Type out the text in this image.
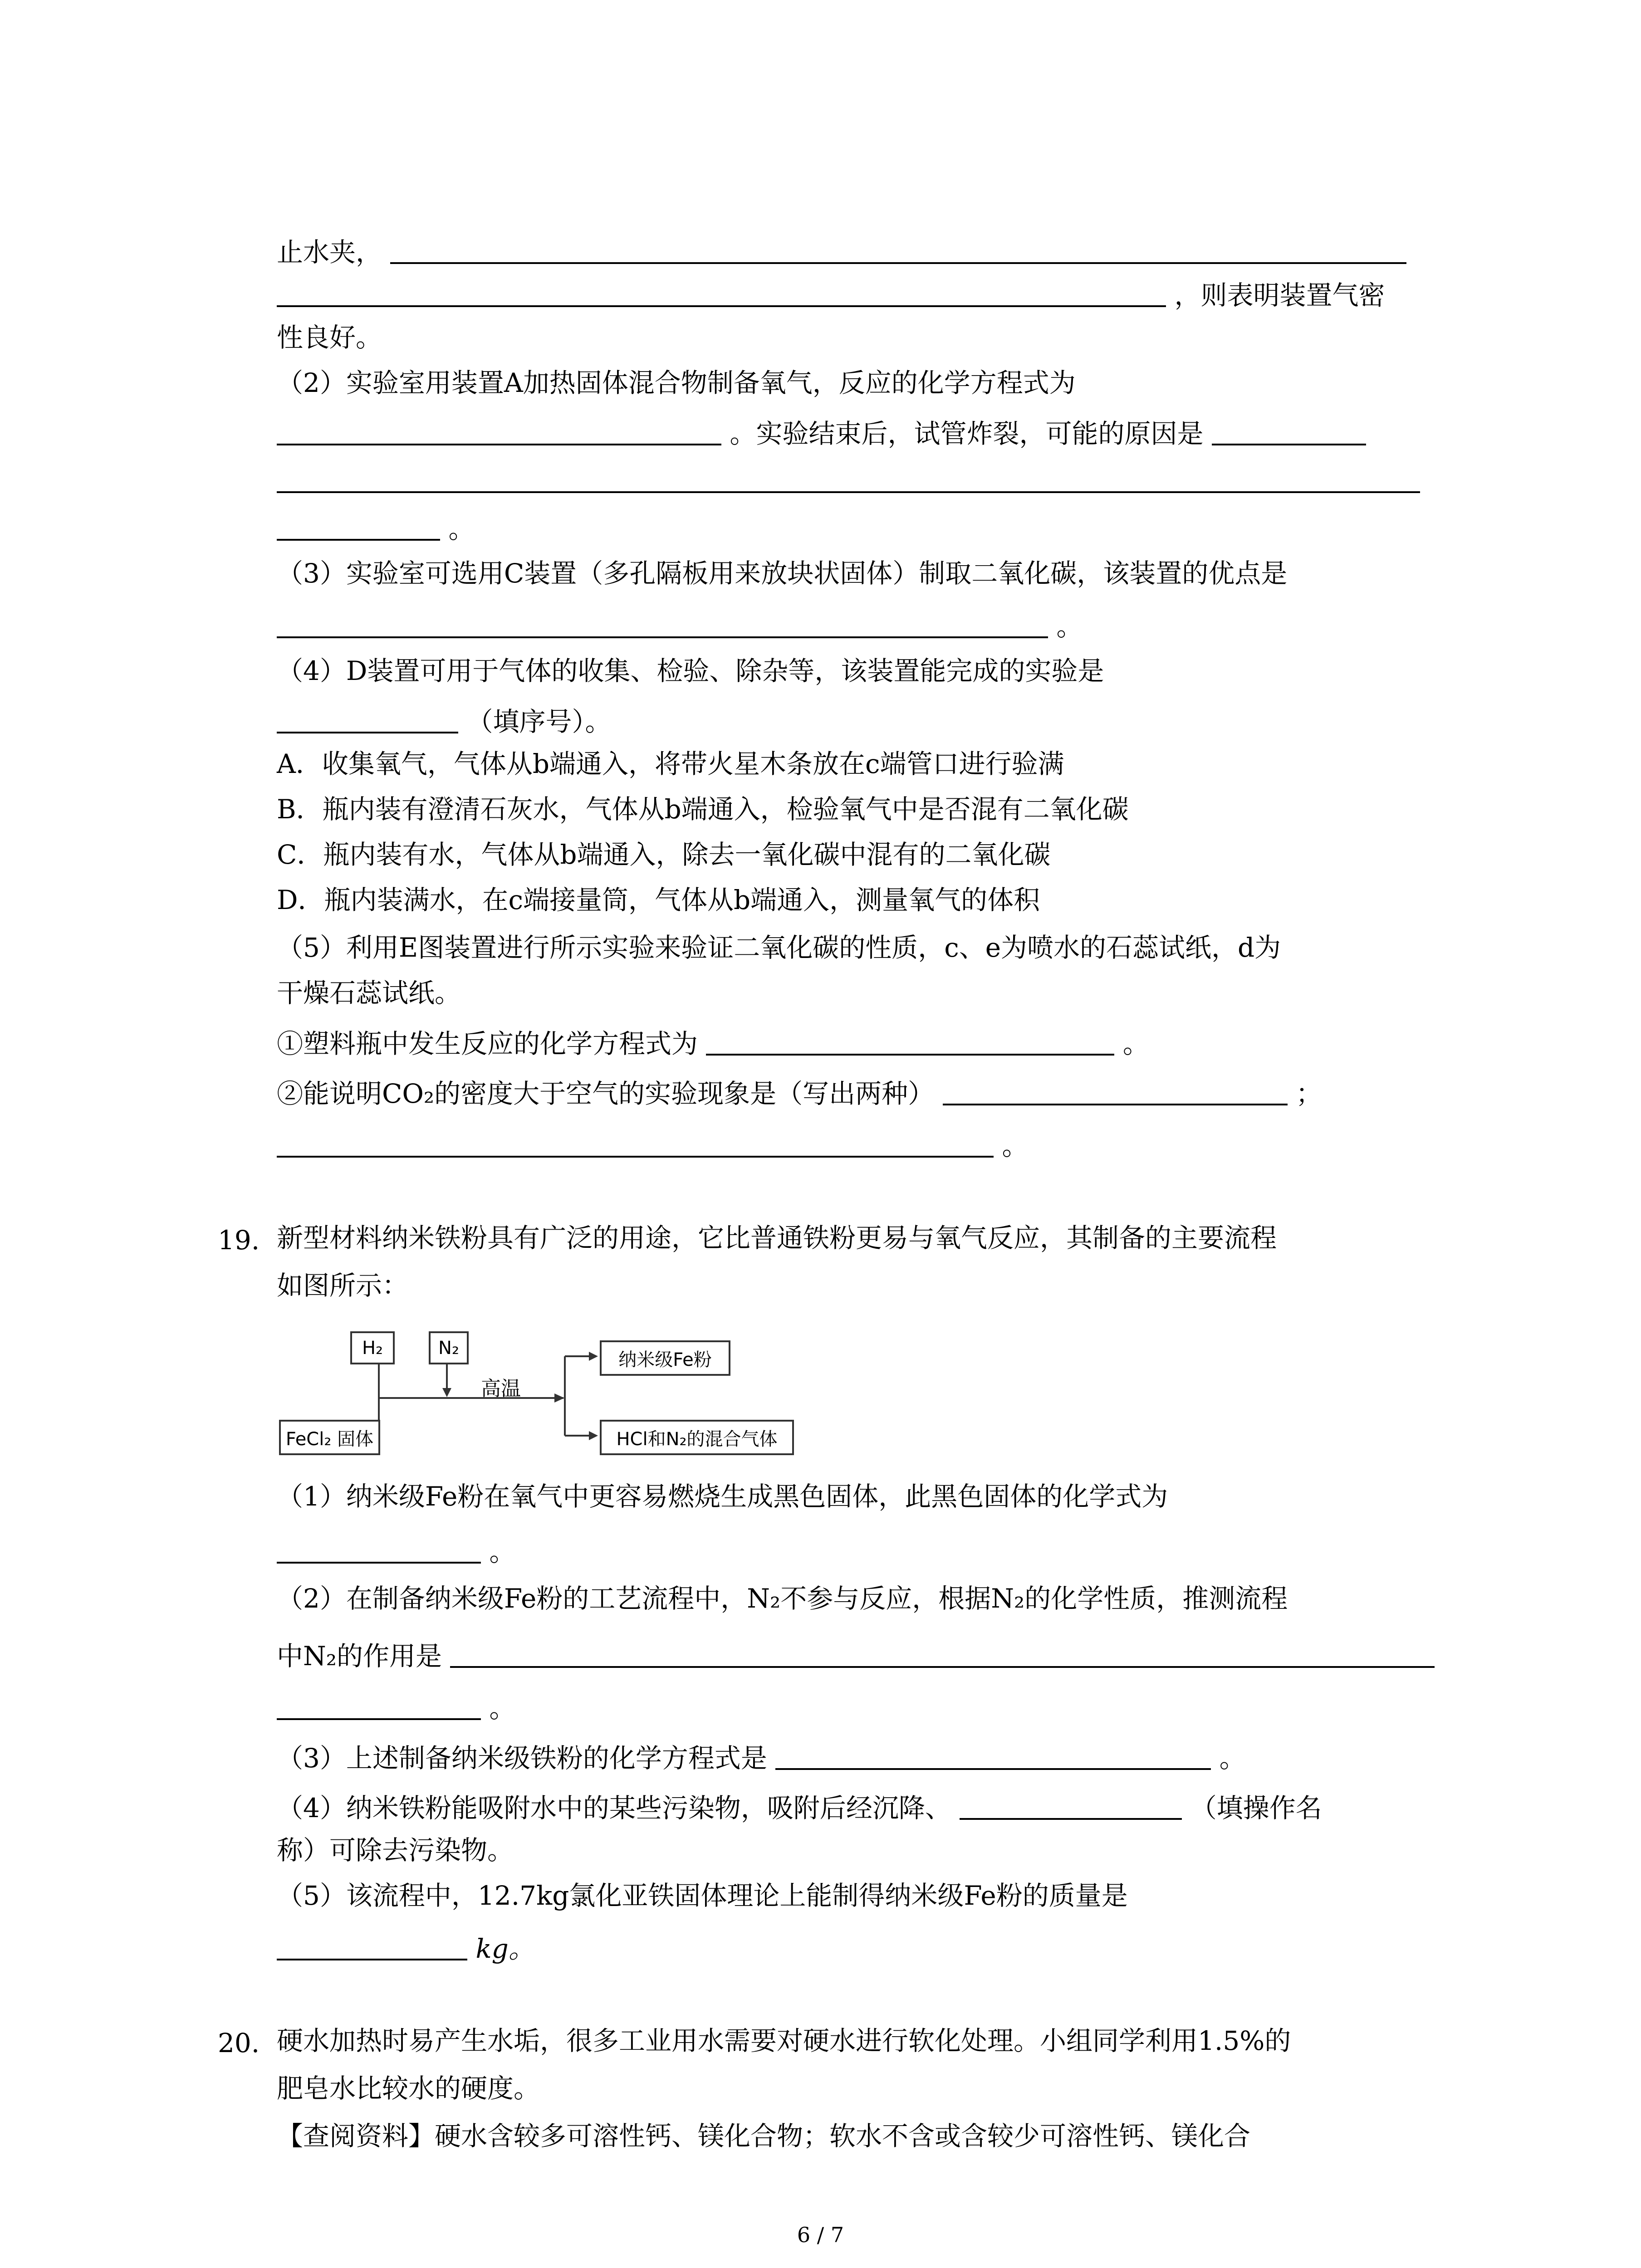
止水夹，
，则表明装置气密
性良好。
（2）实验室用装置A加热固体混合物制备氧气，反应的化学方程式为
。实验结束后，试管炸裂，可能的原因是
。
（3）实验室可选用C装置（多孔隔板用来放块状固体）制取二氧化碳，该装置的优点是
。
（4）D装置可用于气体的收集、检验、除杂等，该装置能完成的实验是
（填序号）。
A．收集氧气，气体从b端通入，将带火星木条放在c端管口进行验满
B．瓶内装有澄清石灰水，气体从b端通入，检验氧气中是否混有二氧化碳
C．瓶内装有水，气体从b端通入，除去一氧化碳中混有的二氧化碳
D．瓶内装满水，在c端接量筒，气体从b端通入，测量氧气的体积
（5）利用E图装置进行所示实验来验证二氧化碳的性质，c、e为喷水的石蕊试纸，d为
干燥石蕊试纸。
①塑料瓶中发生反应的化学方程式为	。
②能说明CO₂的密度大于空气的实验现象是（写出两种）	；
。
19. 新型材料纳米铁粉具有广泛的用途，它比普通铁粉更易与氧气反应，其制备的主要流程
如图所示：
H₂	N₂
高温
FeCl₂ 固体
纳米级Fe粉
HCl和N₂的混合气体
（1）纳米级Fe粉在氧气中更容易燃烧生成黑色固体，此黑色固体的化学式为
。
（2）在制备纳米级Fe粉的工艺流程中，N₂不参与反应，根据N₂的化学性质，推测流程
中N₂的作用是
。
（3）上述制备纳米级铁粉的化学方程式是	。
（4）纳米铁粉能吸附水中的某些污染物，吸附后经沉降、	（填操作名
称）可除去污染物。
（5）该流程中，12.7kg氯化亚铁固体理论上能制得纳米级Fe粉的质量是
kg。
20. 硬水加热时易产生水垢，很多工业用水需要对硬水进行软化处理。小组同学利用1.5%的
肥皂水比较水的硬度。
【查阅资料】硬水含较多可溶性钙、镁化合物；软水不含或含较少可溶性钙、镁化合
6 / 7
